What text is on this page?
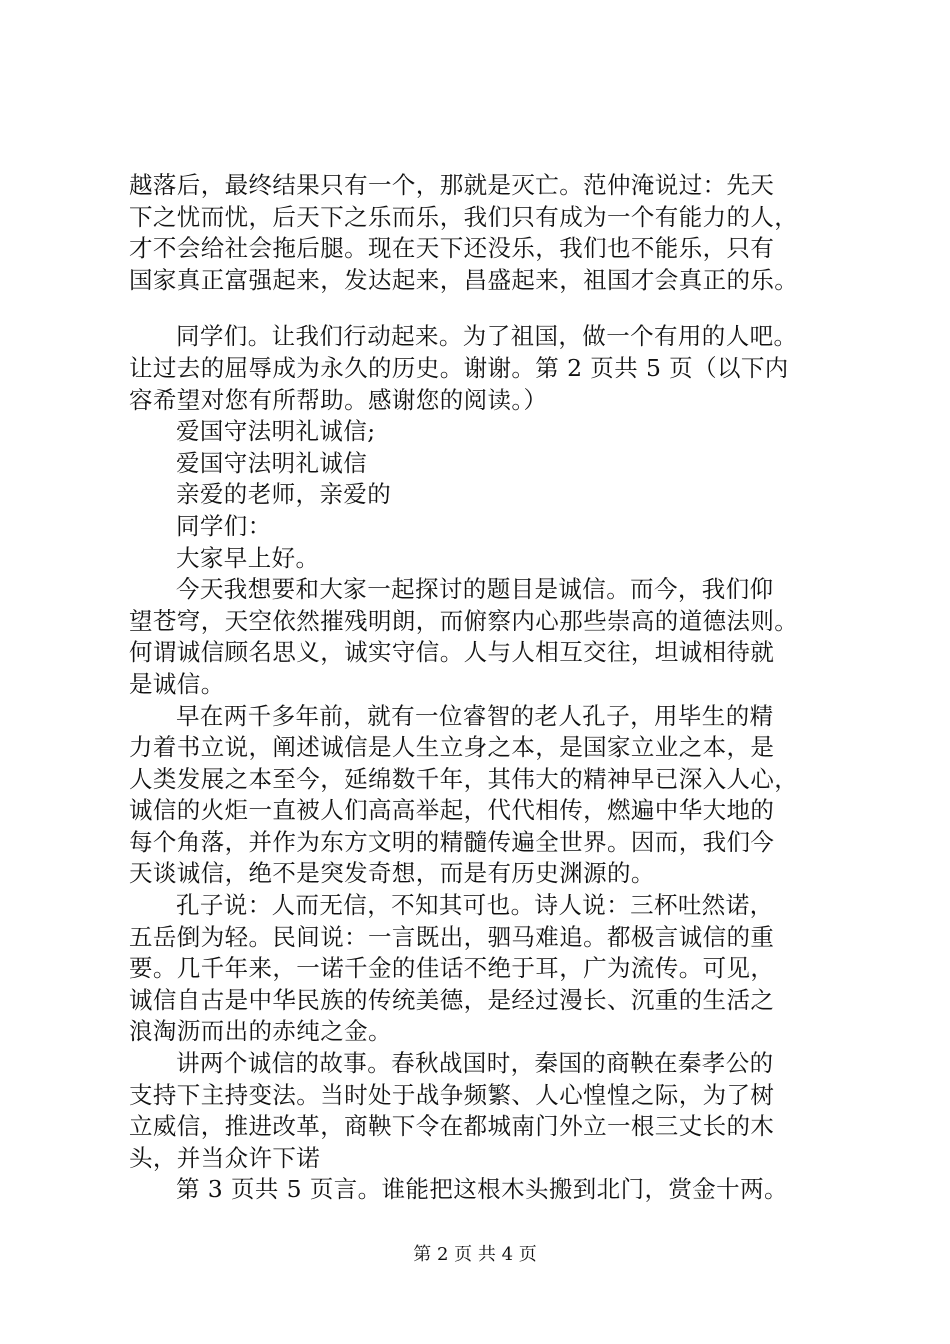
越落后，最终结果只有一个，那就是灭亡。范仲淹说过：先天
下之忧而忧，后天下之乐而乐，我们只有成为一个有能力的人，
才不会给社会拖后腿。现在天下还没乐，我们也不能乐，只有
国家真正富强起来，发达起来，昌盛起来，祖国才会真正的乐。
同学们。让我们行动起来。为了祖国，做一个有用的人吧。
让过去的屈辱成为永久的历史。谢谢。第 2 页共 5 页（以下内
容希望对您有所帮助。感谢您的阅读。）
爱国守法明礼诚信;
爱国守法明礼诚信
亲爱的老师，亲爱的
同学们：
大家早上好。
今天我想要和大家一起探讨的题目是诚信。而今，我们仰
望苍穹，天空依然摧残明朗，而俯察内心那些崇高的道德法则。
何谓诚信顾名思义，诚实守信。人与人相互交往，坦诚相待就
是诚信。
早在两千多年前，就有一位睿智的老人孔子，用毕生的精
力着书立说，阐述诚信是人生立身之本，是国家立业之本，是
人类发展之本至今，延绵数千年，其伟大的精神早已深入人心，
诚信的火炬一直被人们高高举起，代代相传，燃遍中华大地的
每个角落，并作为东方文明的精髓传遍全世界。因而，我们今
天谈诚信，绝不是突发奇想，而是有历史渊源的。
孔子说：人而无信，不知其可也。诗人说：三杯吐然诺，
五岳倒为轻。民间说：一言既出，驷马难追。都极言诚信的重
要。几千年来，一诺千金的佳话不绝于耳，广为流传。可见，
诚信自古是中华民族的传统美德，是经过漫长、沉重的生活之
浪淘沥而出的赤纯之金。
讲两个诚信的故事。春秋战国时，秦国的商鞅在秦孝公的
支持下主持变法。当时处于战争频繁、人心惶惶之际，为了树
立威信，推进改革，商鞅下令在都城南门外立一根三丈长的木
头，并当众许下诺
第 3 页共 5 页言。谁能把这根木头搬到北门，赏金十两。
第 2 页 共 4 页
